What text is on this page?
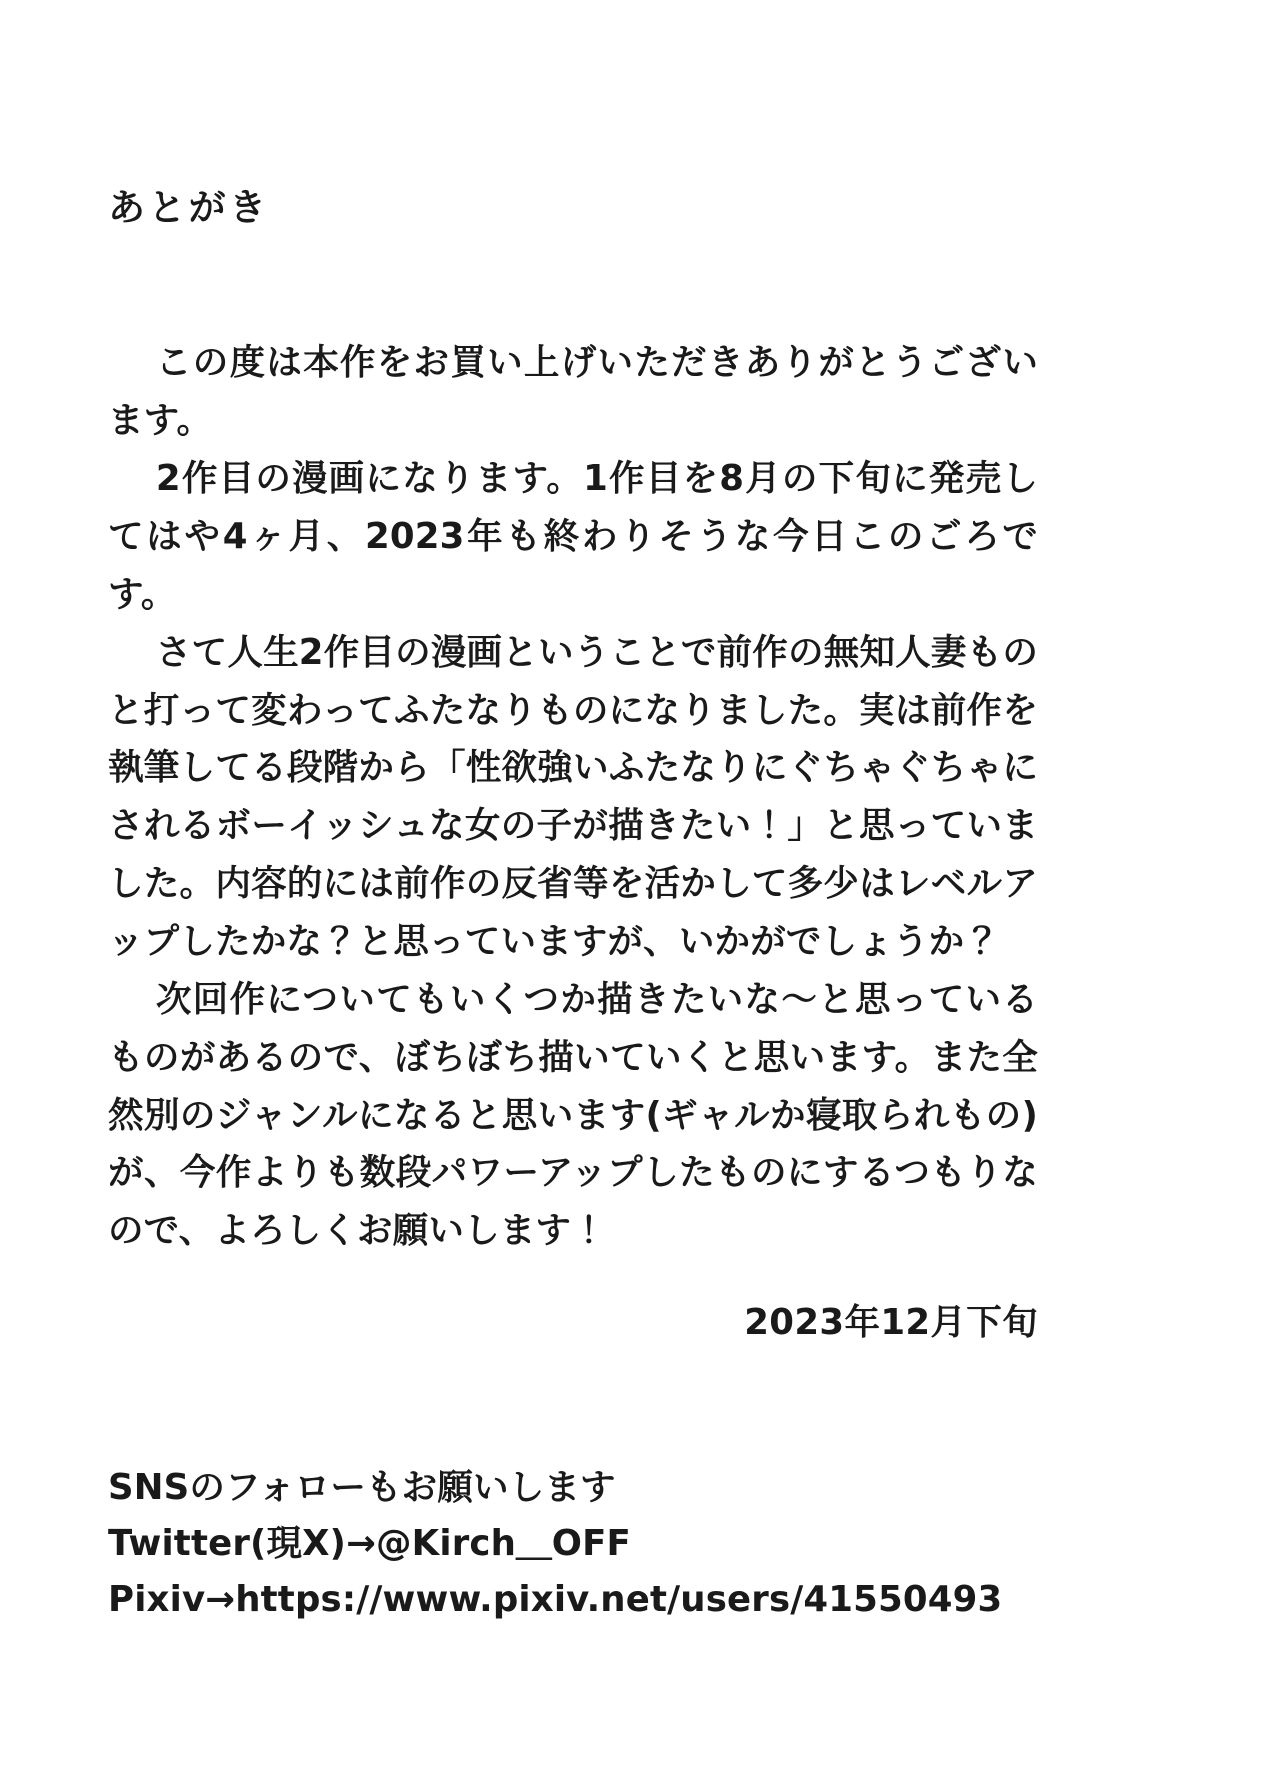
あとがき

この度は本作をお買い上げいただきありがとうございます。

2作目の漫画になります。1作目を8月の下旬に発売してはや4ヶ月、2023年も終わりそうな今日このごろです。

さて人生2作目の漫画ということで前作の無知人妻ものと打って変わってふたなりものになりました。実は前作を執筆してる段階から「性欲強いふたなりにぐちゃぐちゃにされるボーイッシュな女の子が描きたい！」と思っていました。内容的には前作の反省等を活かして多少はレベルアップしたかな？と思っていますが、いかがでしょうか？

次回作についてもいくつか描きたいな〜と思っているものがあるので、ぼちぼち描いていくと思います。また全然別のジャンルになると思います(ギャルか寝取られもの)が、今作よりも数段パワーアップしたものにするつもりなので、よろしくお願いします！

2023年12月下旬
SNSのフォローもお願いします
Twitter(現X)→@Kirch＿OFF
Pixiv→https://www.pixiv.net/users/41550493
